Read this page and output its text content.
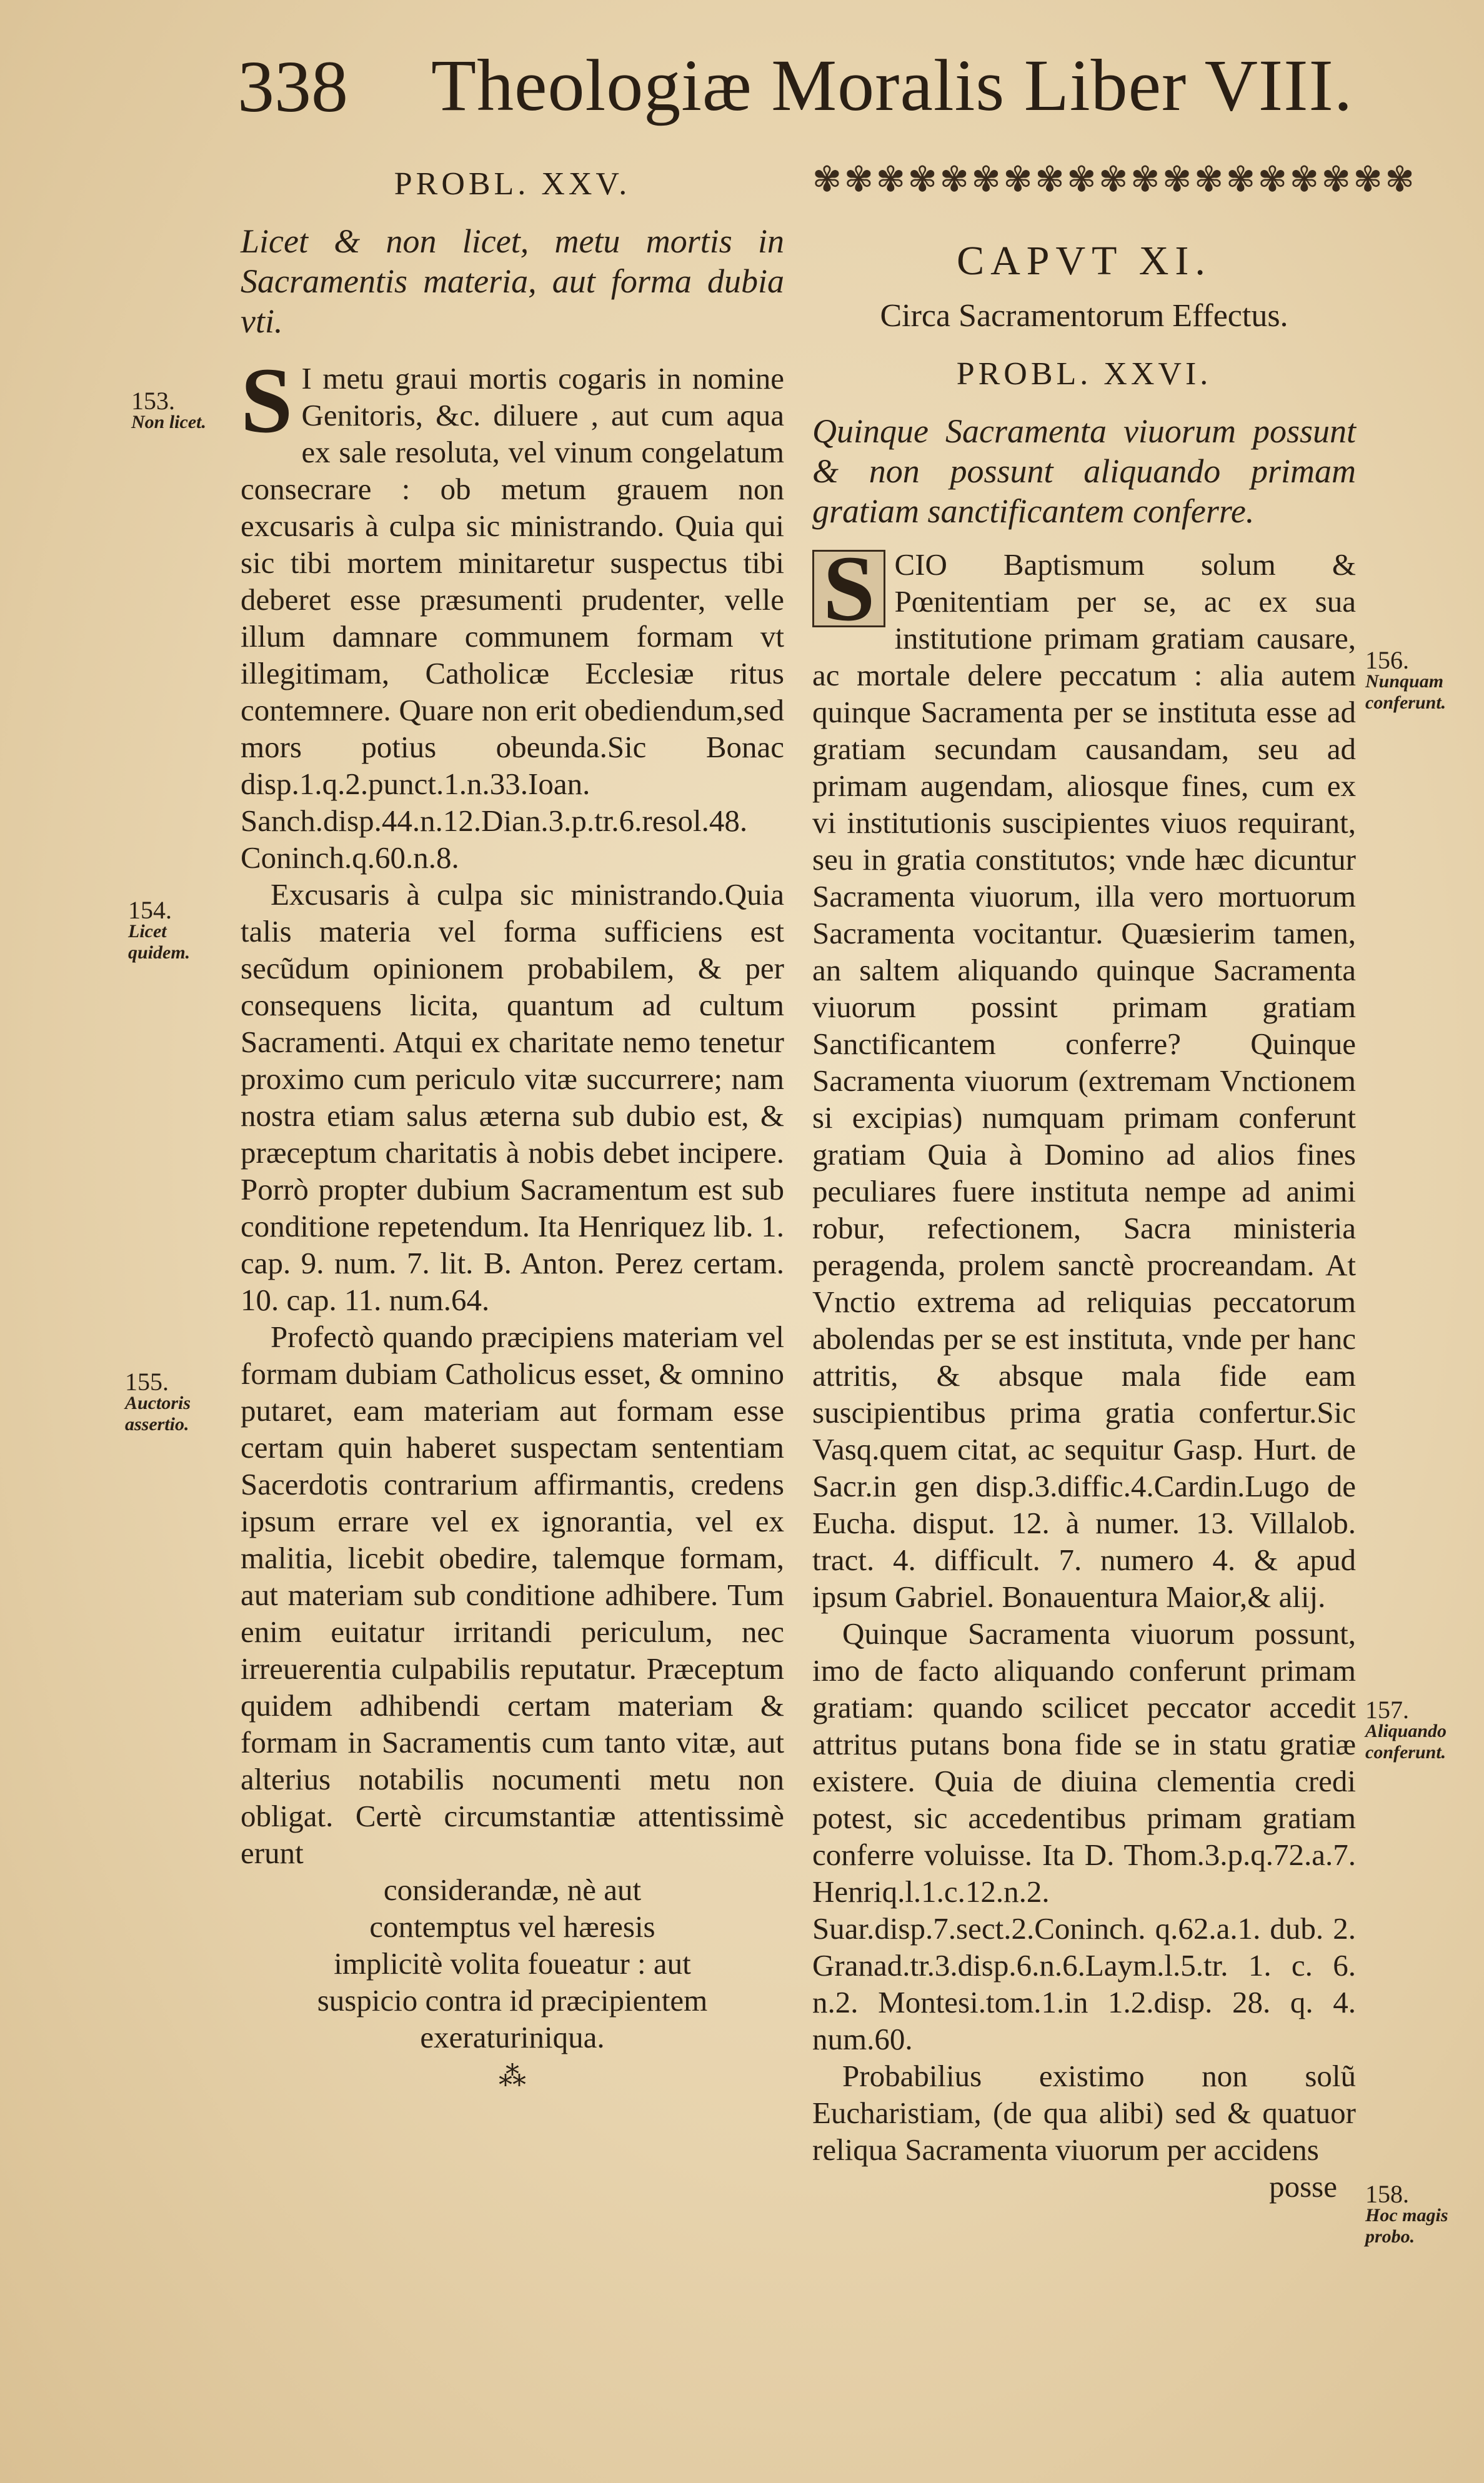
338 Theologiæ Moralis Liber VIII.
PROBL. XXV.

Licet & non licet, metu mortis in Sacramentis materia, aut forma dubia vti.

S I metu graui mortis cogaris in nomine Genitoris, &c. diluere , aut cum aqua ex sale resoluta, vel vinum congelatum consecrare : ob metum grauem non excusaris à culpa sic ministrando. Quia qui sic tibi mortem minitaretur suspectus tibi deberet esse præsumenti prudenter, velle illum damnare communem formam vt illegitimam, Catholicæ Ecclesiæ ritus contemnere. Quare non erit obediendum,sed mors potius obeunda.Sic Bonac disp.1.q.2.punct.1.n.33.Ioan. Sanch.disp.44.n.12.Dian.3.p.tr.6.resol.48. Coninch.q.60.n.8.

Excusaris à culpa sic ministrando.Quia talis materia vel forma sufficiens est secũdum opinionem probabilem, & per consequens licita, quantum ad cultum Sacramenti. Atqui ex charitate nemo tenetur proximo cum periculo vitæ succurrere; nam nostra etiam salus æterna sub dubio est, & præceptum charitatis à nobis debet incipere. Porrò propter dubium Sacramentum est sub conditione repetendum. Ita Henriquez lib. 1. cap. 9. num. 7. lit. B. Anton. Perez certam. 10. cap. 11. num.64.

Profectò quando præcipiens materiam vel formam dubiam Catholicus esset, & omnino putaret, eam materiam aut formam esse certam quin haberet suspectam sententiam Sacerdotis contrarium affirmantis, credens ipsum errare vel ex ignorantia, vel ex malitia, licebit obedire, talemque formam, aut materiam sub conditione adhibere. Tum enim euitatur irritandi periculum, nec irreuerentia culpabilis reputatur. Præceptum quidem adhibendi certam materiam & formam in Sacramentis cum tanto vitæ, aut alterius notabilis nocumenti metu non obligat. Certè circumstantiæ attentissimè erunt

considerandæ, nè aut contemptus vel hæresis implicitè volita foueatur : aut suspicio contra id præcipientem exeraturiniqua.

⁂
153.
Non licet.
154.
Licet quidem.
155.
Auctoris assertio.
✾✾✾✾✾✾✾✾✾✾✾✾✾✾✾✾✾✾✾
CAPVT XI.
Circa Sacramentorum Effectus.
PROBL. XXVI.

Quinque Sacramenta viuorum possunt & non possunt aliquando primam gratiam sanctificantem conferre.

S CIO Baptismum solum & Pœnitentiam per se, ac ex sua institutione primam gratiam causare, ac mortale delere peccatum : alia autem quinque Sacramenta per se instituta esse ad gratiam secundam causandam, seu ad primam augendam, aliosque fines, cum ex vi institutionis suscipientes viuos requirant, seu in gratia constitutos; vnde hæc dicuntur Sacramenta viuorum, illa vero mortuorum Sacramenta vocitantur. Quæsierim tamen, an saltem aliquando quinque Sacramenta viuorum possint primam gratiam Sanctificantem conferre? Quinque Sacramenta viuorum (extremam Vnctionem si excipias) numquam primam conferunt gratiam Quia à Domino ad alios fines peculiares fuere instituta nempe ad animi robur, refectionem, Sacra ministeria peragenda, prolem sanctè procreandam. At Vnctio extrema ad reliquias peccatorum abolendas per se est instituta, vnde per hanc attritis, & absque mala fide eam suscipientibus prima gratia confertur.Sic Vasq.quem citat, ac sequitur Gasp. Hurt. de Sacr.in gen disp.3.diffic.4.Cardin.Lugo de Eucha. disput. 12. à numer. 13. Villalob. tract. 4. difficult. 7. numero 4. & apud ipsum Gabriel. Bonauentura Maior,& alij.

Quinque Sacramenta viuorum possunt, imo de facto aliquando conferunt primam gratiam: quando scilicet peccator accedit attritus putans bona fide se in statu gratiæ existere. Quia de diuina clementia credi potest, sic accedentibus primam gratiam conferre voluisse. Ita D. Thom.3.p.q.72.a.7. Henriq.l.1.c.12.n.2. Suar.disp.7.sect.2.Coninch. q.62.a.1. dub. 2. Granad.tr.3.disp.6.n.6.Laym.l.5.tr. 1. c. 6. n.2. Montesi.tom.1.in 1.2.disp. 28. q. 4. num.60.

Probabilius existimo non solũ Eucharistiam, (de qua alibi) sed & quatuor reliqua Sacramenta viuorum per accidens

posse

156.
Nunquam conferunt.
157.
Aliquando conferunt.
158.
Hoc magis probo.
